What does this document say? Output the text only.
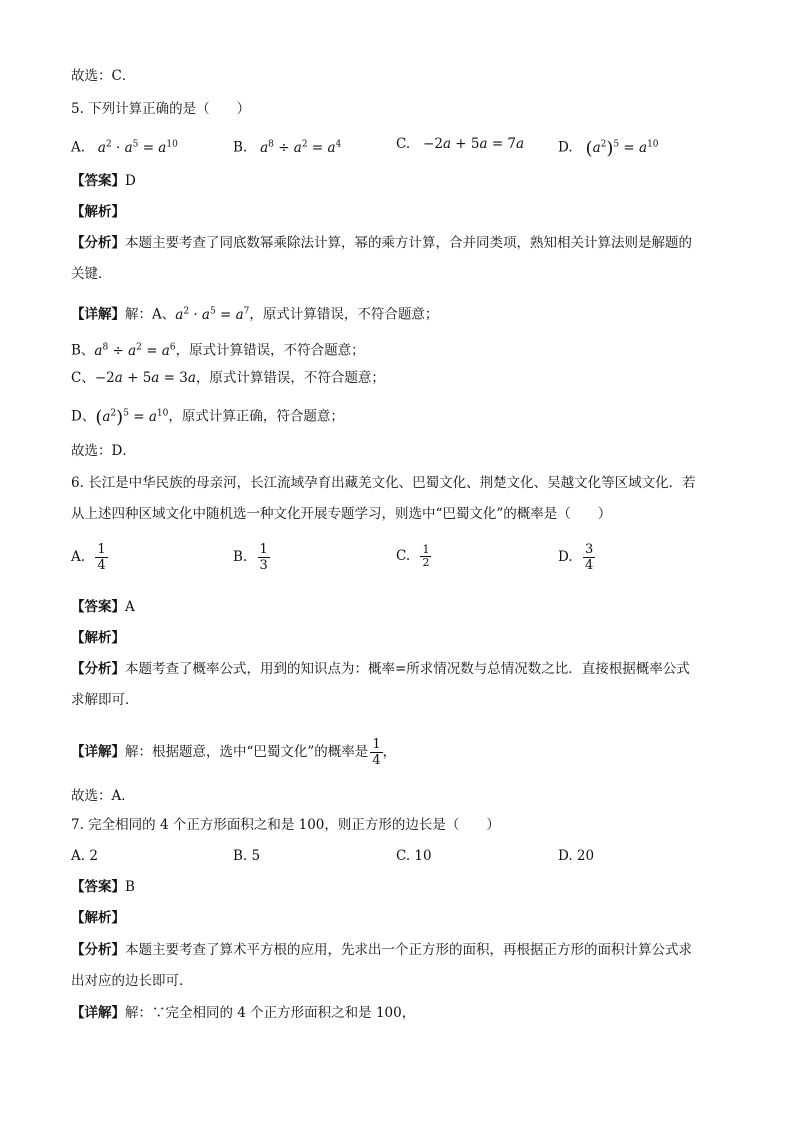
故选：C．
5. 下列计算正确的是（　　）
A.   $a^2 \cdot a^5 = a^{10}$	B.   $a^8 \div a^2 = a^4$	C. −2a + 5a = 7a	D. $(a^2)^5 = a^{10}$
【答案】D
【解析】
【分析】本题主要考查了同底数幂乘除法计算，幂的乘方计算，合并同类项，熟知相关计算法则是解题的
关键．
【详解】解：A、$a^2 \cdot a^5 = a^7$，原式计算错误，不符合题意；
B、$a^8 \div a^2 = a^6$，原式计算错误，不符合题意；
C、−2a + 5a = 3a，原式计算错误，不符合题意；
D、$(a^2)^5 = a^{10}$，原式计算正确，符合题意；
故选：D．
6. 长江是中华民族的母亲河，长江流域孕育出藏羌文化、巴蜀文化、荆楚文化、吴越文化等区域文化．若
从上述四种区域文化中随机选一种文化开展专题学习，则选中“巴蜀文化”的概率是（　　）
A. $\frac{1}{4}$	B. $\frac{1}{3}$	C. $\frac{1}{2}$	D. $\frac{3}{4}$
【答案】A
【解析】
【分析】本题考查了概率公式，用到的知识点为：概率=所求情况数与总情况数之比．直接根据概率公式
求解即可．
【详解】解：根据题意，选中“巴蜀文化”的概率是 $\frac{1}{4}$ ，
故选：A．
7. 完全相同的 4 个正方形面积之和是 100，则正方形的边长是（　　）
A. 2	B. 5	C. 10	D. 20
【答案】B
【解析】
【分析】本题主要考查了算术平方根的应用，先求出一个正方形的面积，再根据正方形的面积计算公式求
出对应的边长即可．
【详解】解：∵完全相同的 4 个正方形面积之和是 100，
